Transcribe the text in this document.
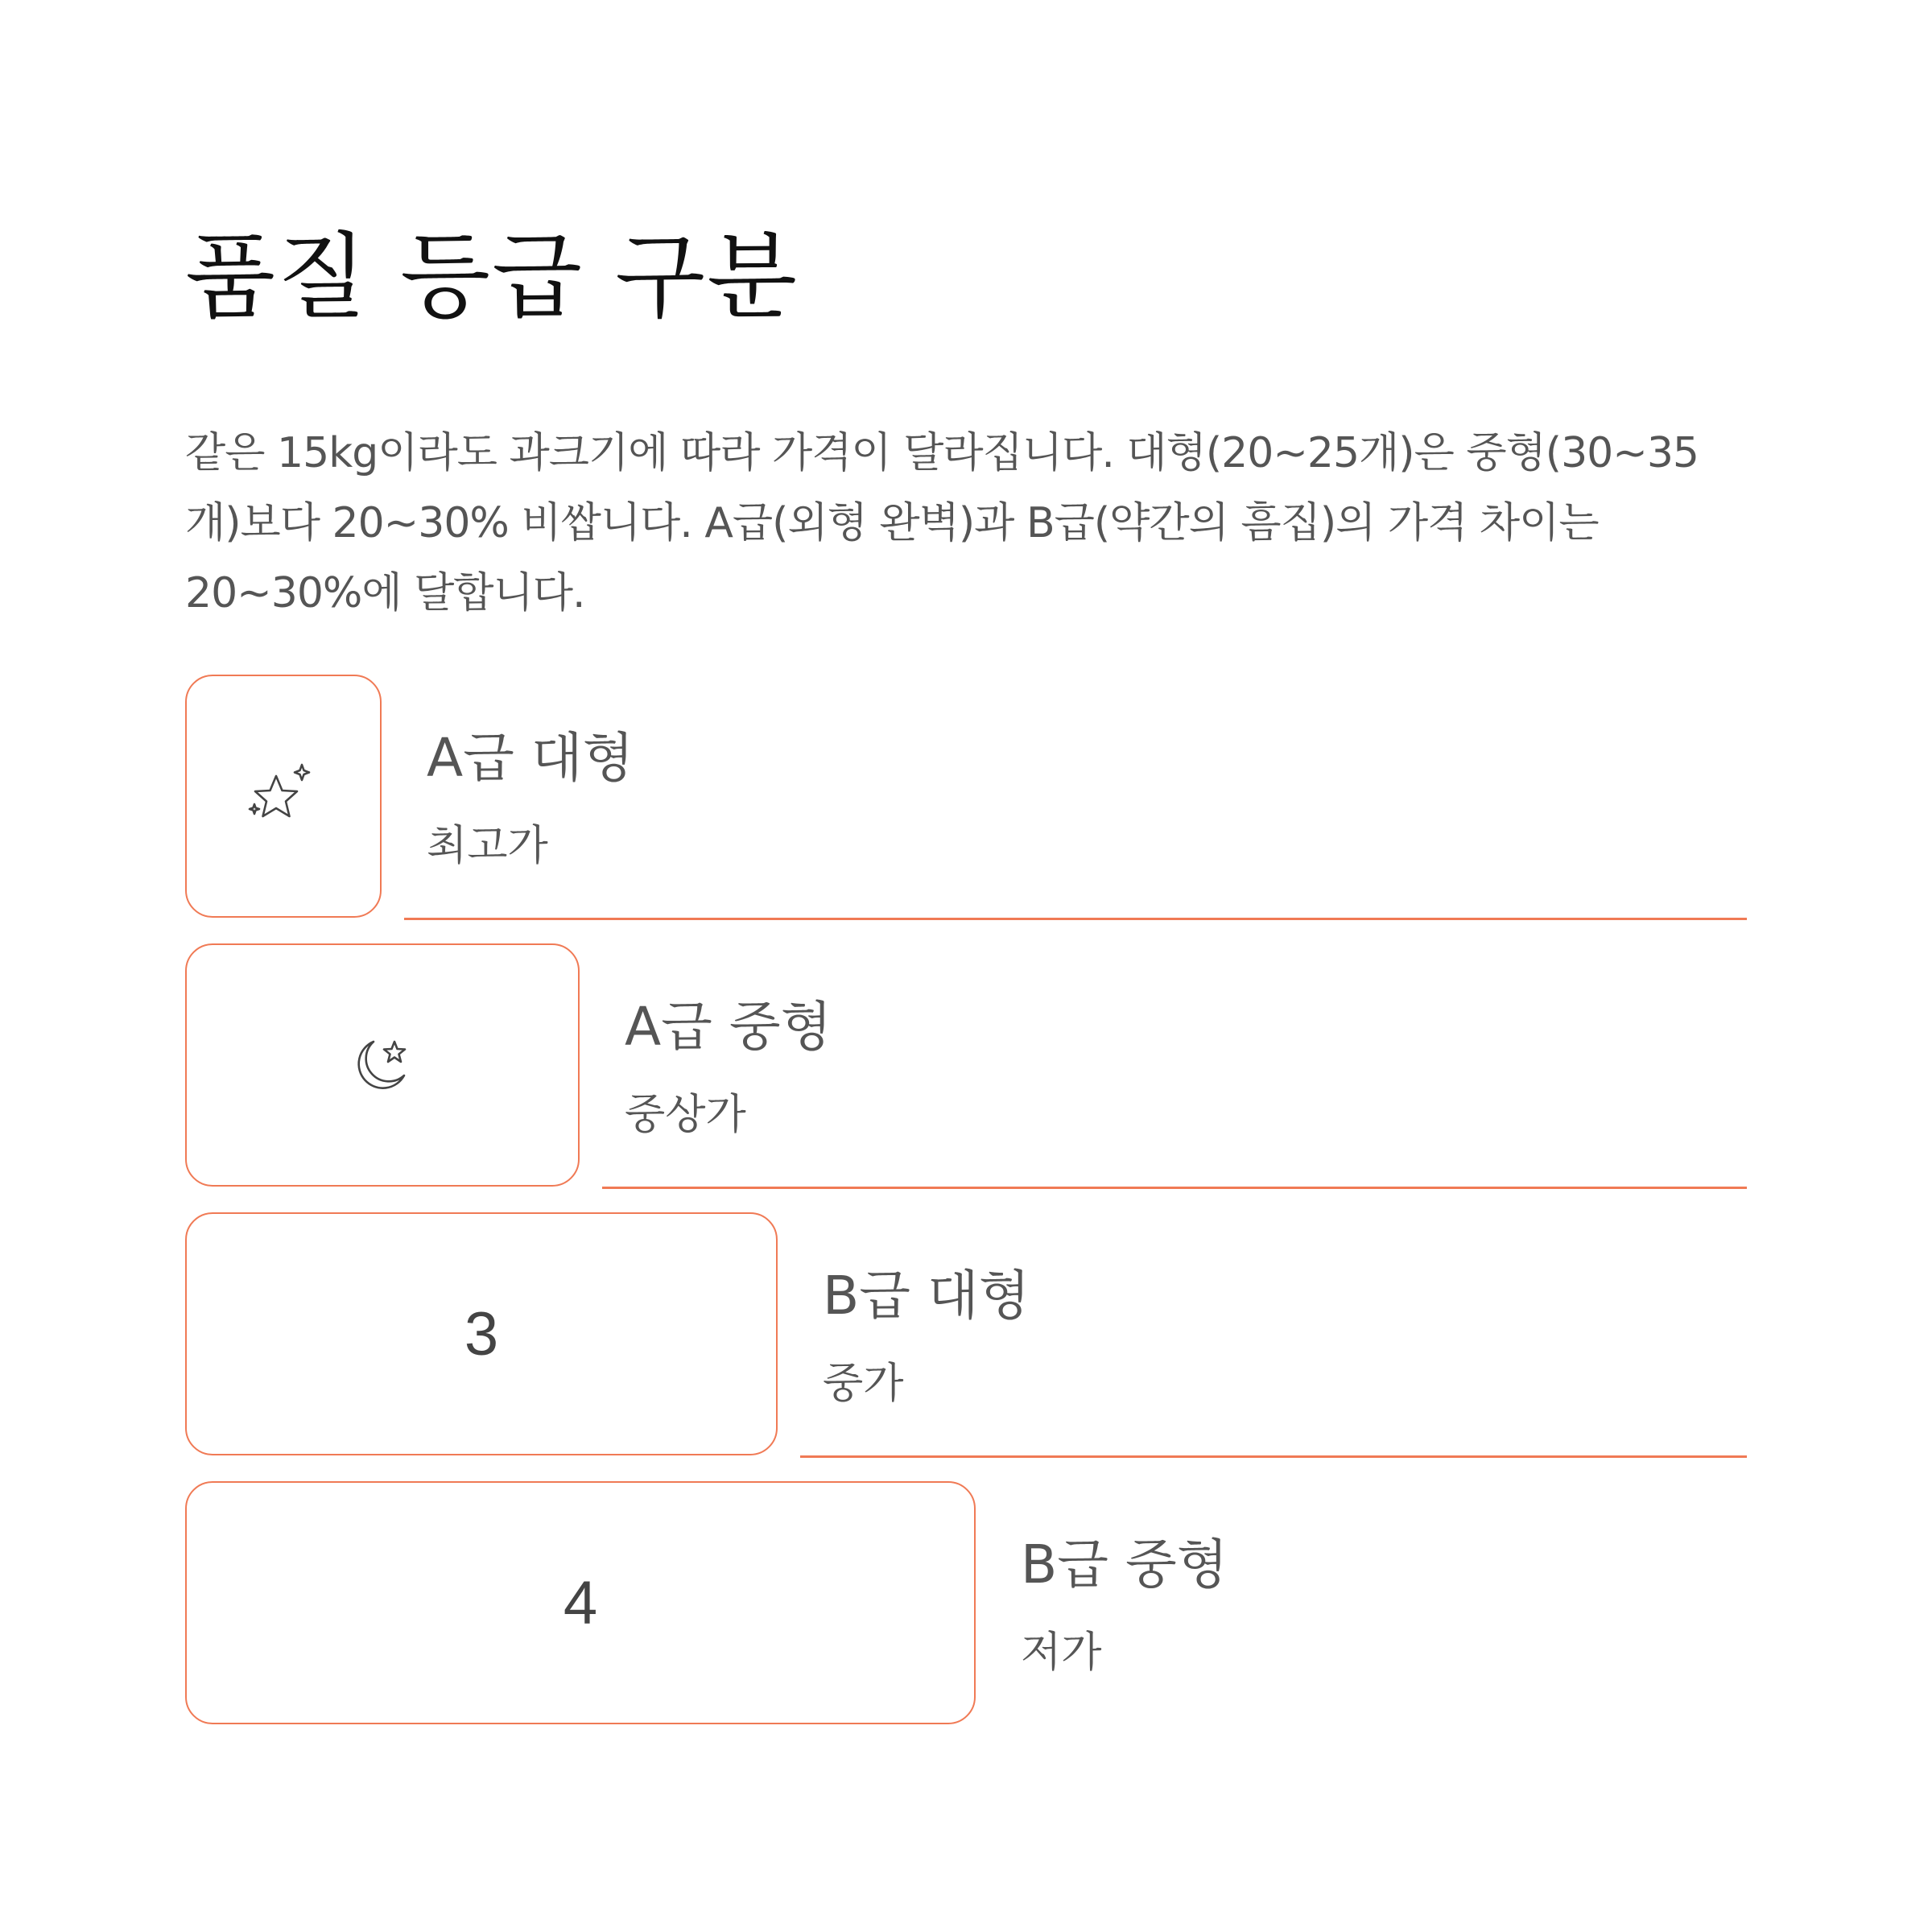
품질 등급 구분

같은 15kg이라도 과크기에 따라 가격이 달라집니다. 대형(20~25개)은 중형(30~35개)보다 20~30% 비쌉니다. A급(외형 완벽)과 B급(약간의 흠집)의 가격 차이는 20~30%에 달합니다.

A급 대형

최고가

A급 중형

중상가

3
B급 대형

중가

4
B급 중형

저가
